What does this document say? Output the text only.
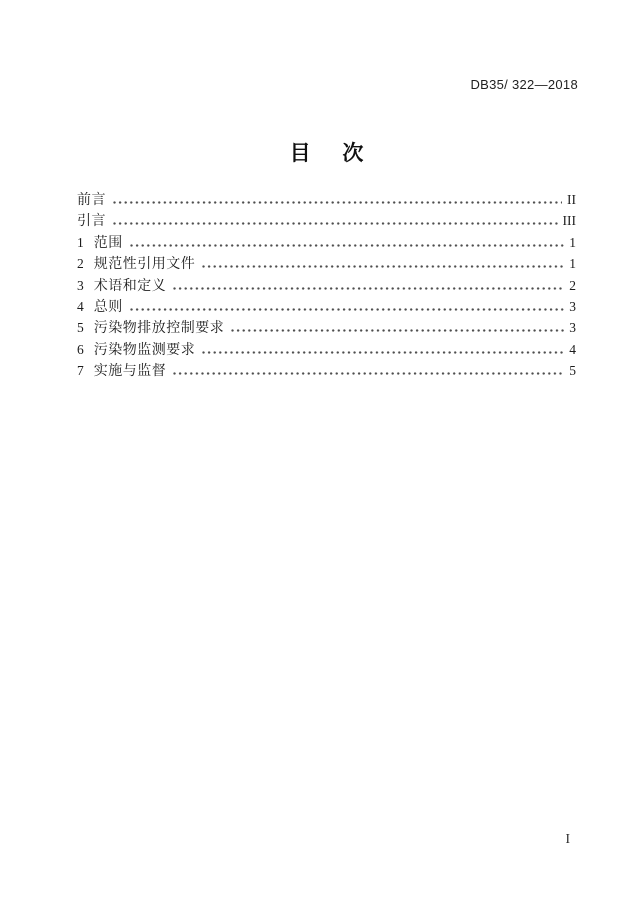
DB35/ 322—2018
目 次
前言	II
引言	III
1 范围	1
2 规范性引用文件	1
3 术语和定义	2
4 总则	3
5 污染物排放控制要求	3
6 污染物监测要求	4
7 实施与监督	5
I
